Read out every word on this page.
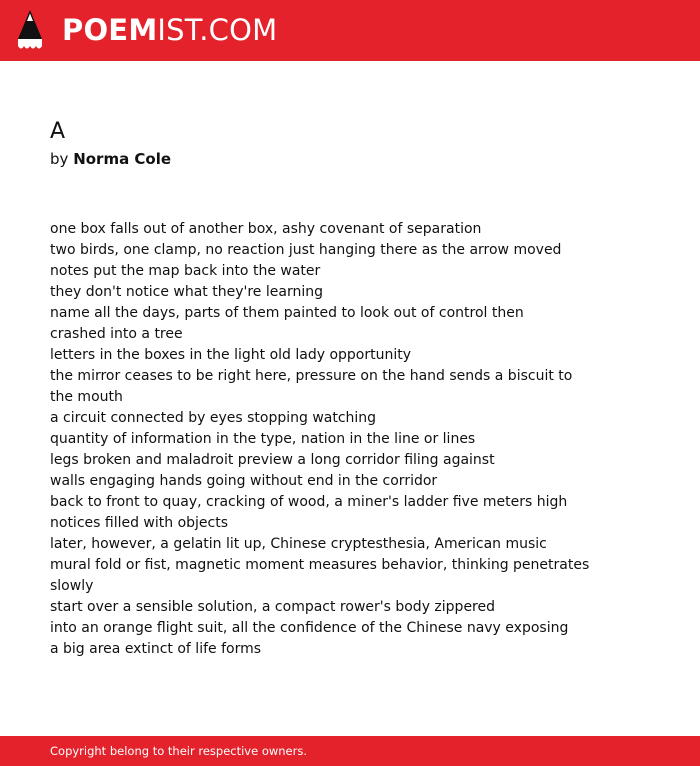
POEMIST.COM
A
by Norma Cole
one box falls out of another box, ashy covenant of separation
two birds, one clamp, no reaction just hanging there as the arrow moved
notes put the map back into the water
they don't notice what they're learning
name all the days, parts of them painted to look out of control then
crashed into a tree
letters in the boxes in the light old lady opportunity
the mirror ceases to be right here, pressure on the hand sends a biscuit to
the mouth
a circuit connected by eyes stopping watching
quantity of information in the type, nation in the line or lines
legs broken and maladroit preview a long corridor filing against
walls engaging hands going without end in the corridor
back to front to quay, cracking of wood, a miner's ladder five meters high
notices filled with objects
later, however, a gelatin lit up, Chinese cryptesthesia, American music
mural fold or fist, magnetic moment measures behavior, thinking penetrates
slowly
start over a sensible solution, a compact rower's body zippered
into an orange flight suit, all the confidence of the Chinese navy exposing
a big area extinct of life forms
Copyright belong to their respective owners.
